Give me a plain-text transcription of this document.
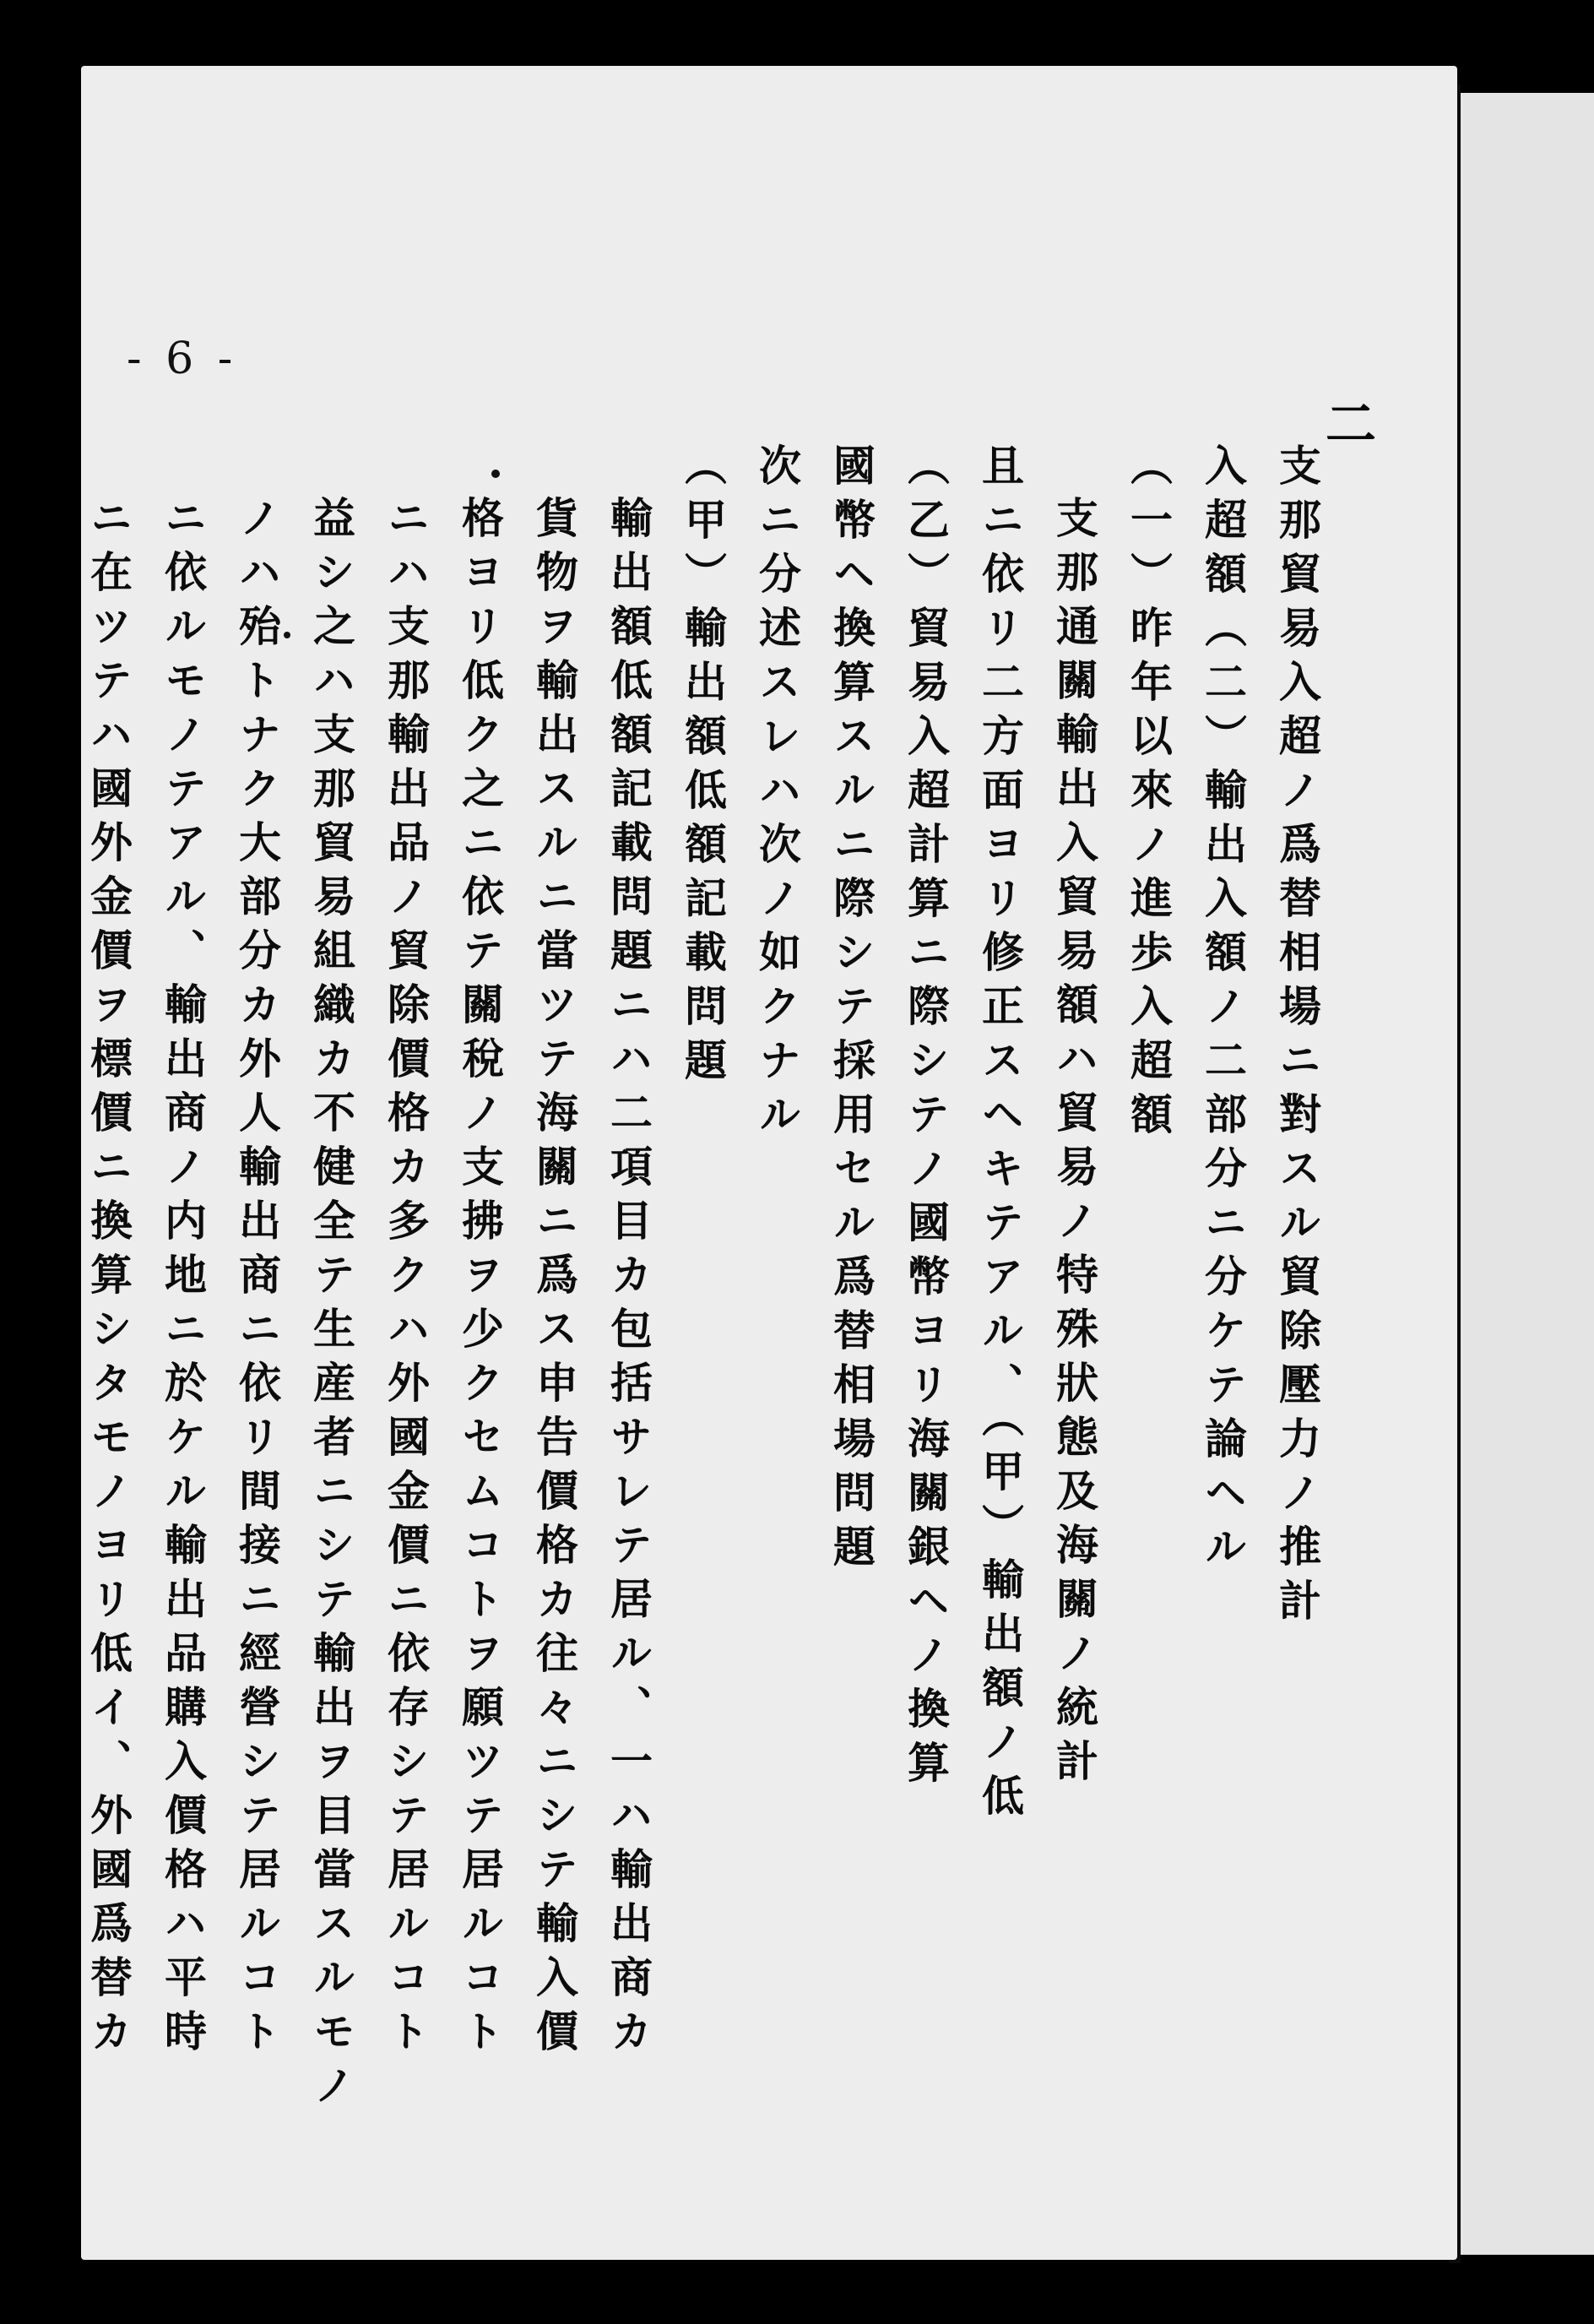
- 6 -
二
支那貿易入超ノ爲替相場ニ對スル貿除壓力ノ推計
入超額（二）輸出入額ノ二部分ニ分ケテ論ヘル
（一）昨年以來ノ進歩入超額
支那通關輸出入貿易額ハ貿易ノ特殊狀態及海關ノ統計
且ニ依リ二方面ヨリ修正スヘキテアル、（甲）輸出額ノ低
（乙）貿易入超計算ニ際シテノ國幣ヨリ海關銀ヘノ換算
國幣ヘ換算スルニ際シテ採用セル爲替相場問題
次ニ分述スレハ次ノ如クナル
（甲）輸出額低額記載問題
輸出額低額記載問題ニハ二項目カ包括サレテ居ル、一ハ輸出商カ
貨物ヲ輸出スルニ當ツテ海關ニ爲ス申告價格カ往々ニシテ輸入價
格ヨリ低ク之ニ依テ關稅ノ支拂ヲ少クセムコトヲ願ツテ居ルコト
ニハ支那輸出品ノ貿除價格カ多クハ外國金價ニ依存シテ居ルコト
益シ之ハ支那貿易組織カ不健全テ生産者ニシテ輸出ヲ目當スルモノ
ノハ殆トナク大部分カ外人輸出商ニ依リ間接ニ經營シテ居ルコト
ニ依ルモノテアル、輸出商ノ内地ニ於ケル輸出品購入價格ハ平時
ニ在ツテハ國外金價ヲ標價ニ換算シタモノヨリ低イ、外國爲替カ
